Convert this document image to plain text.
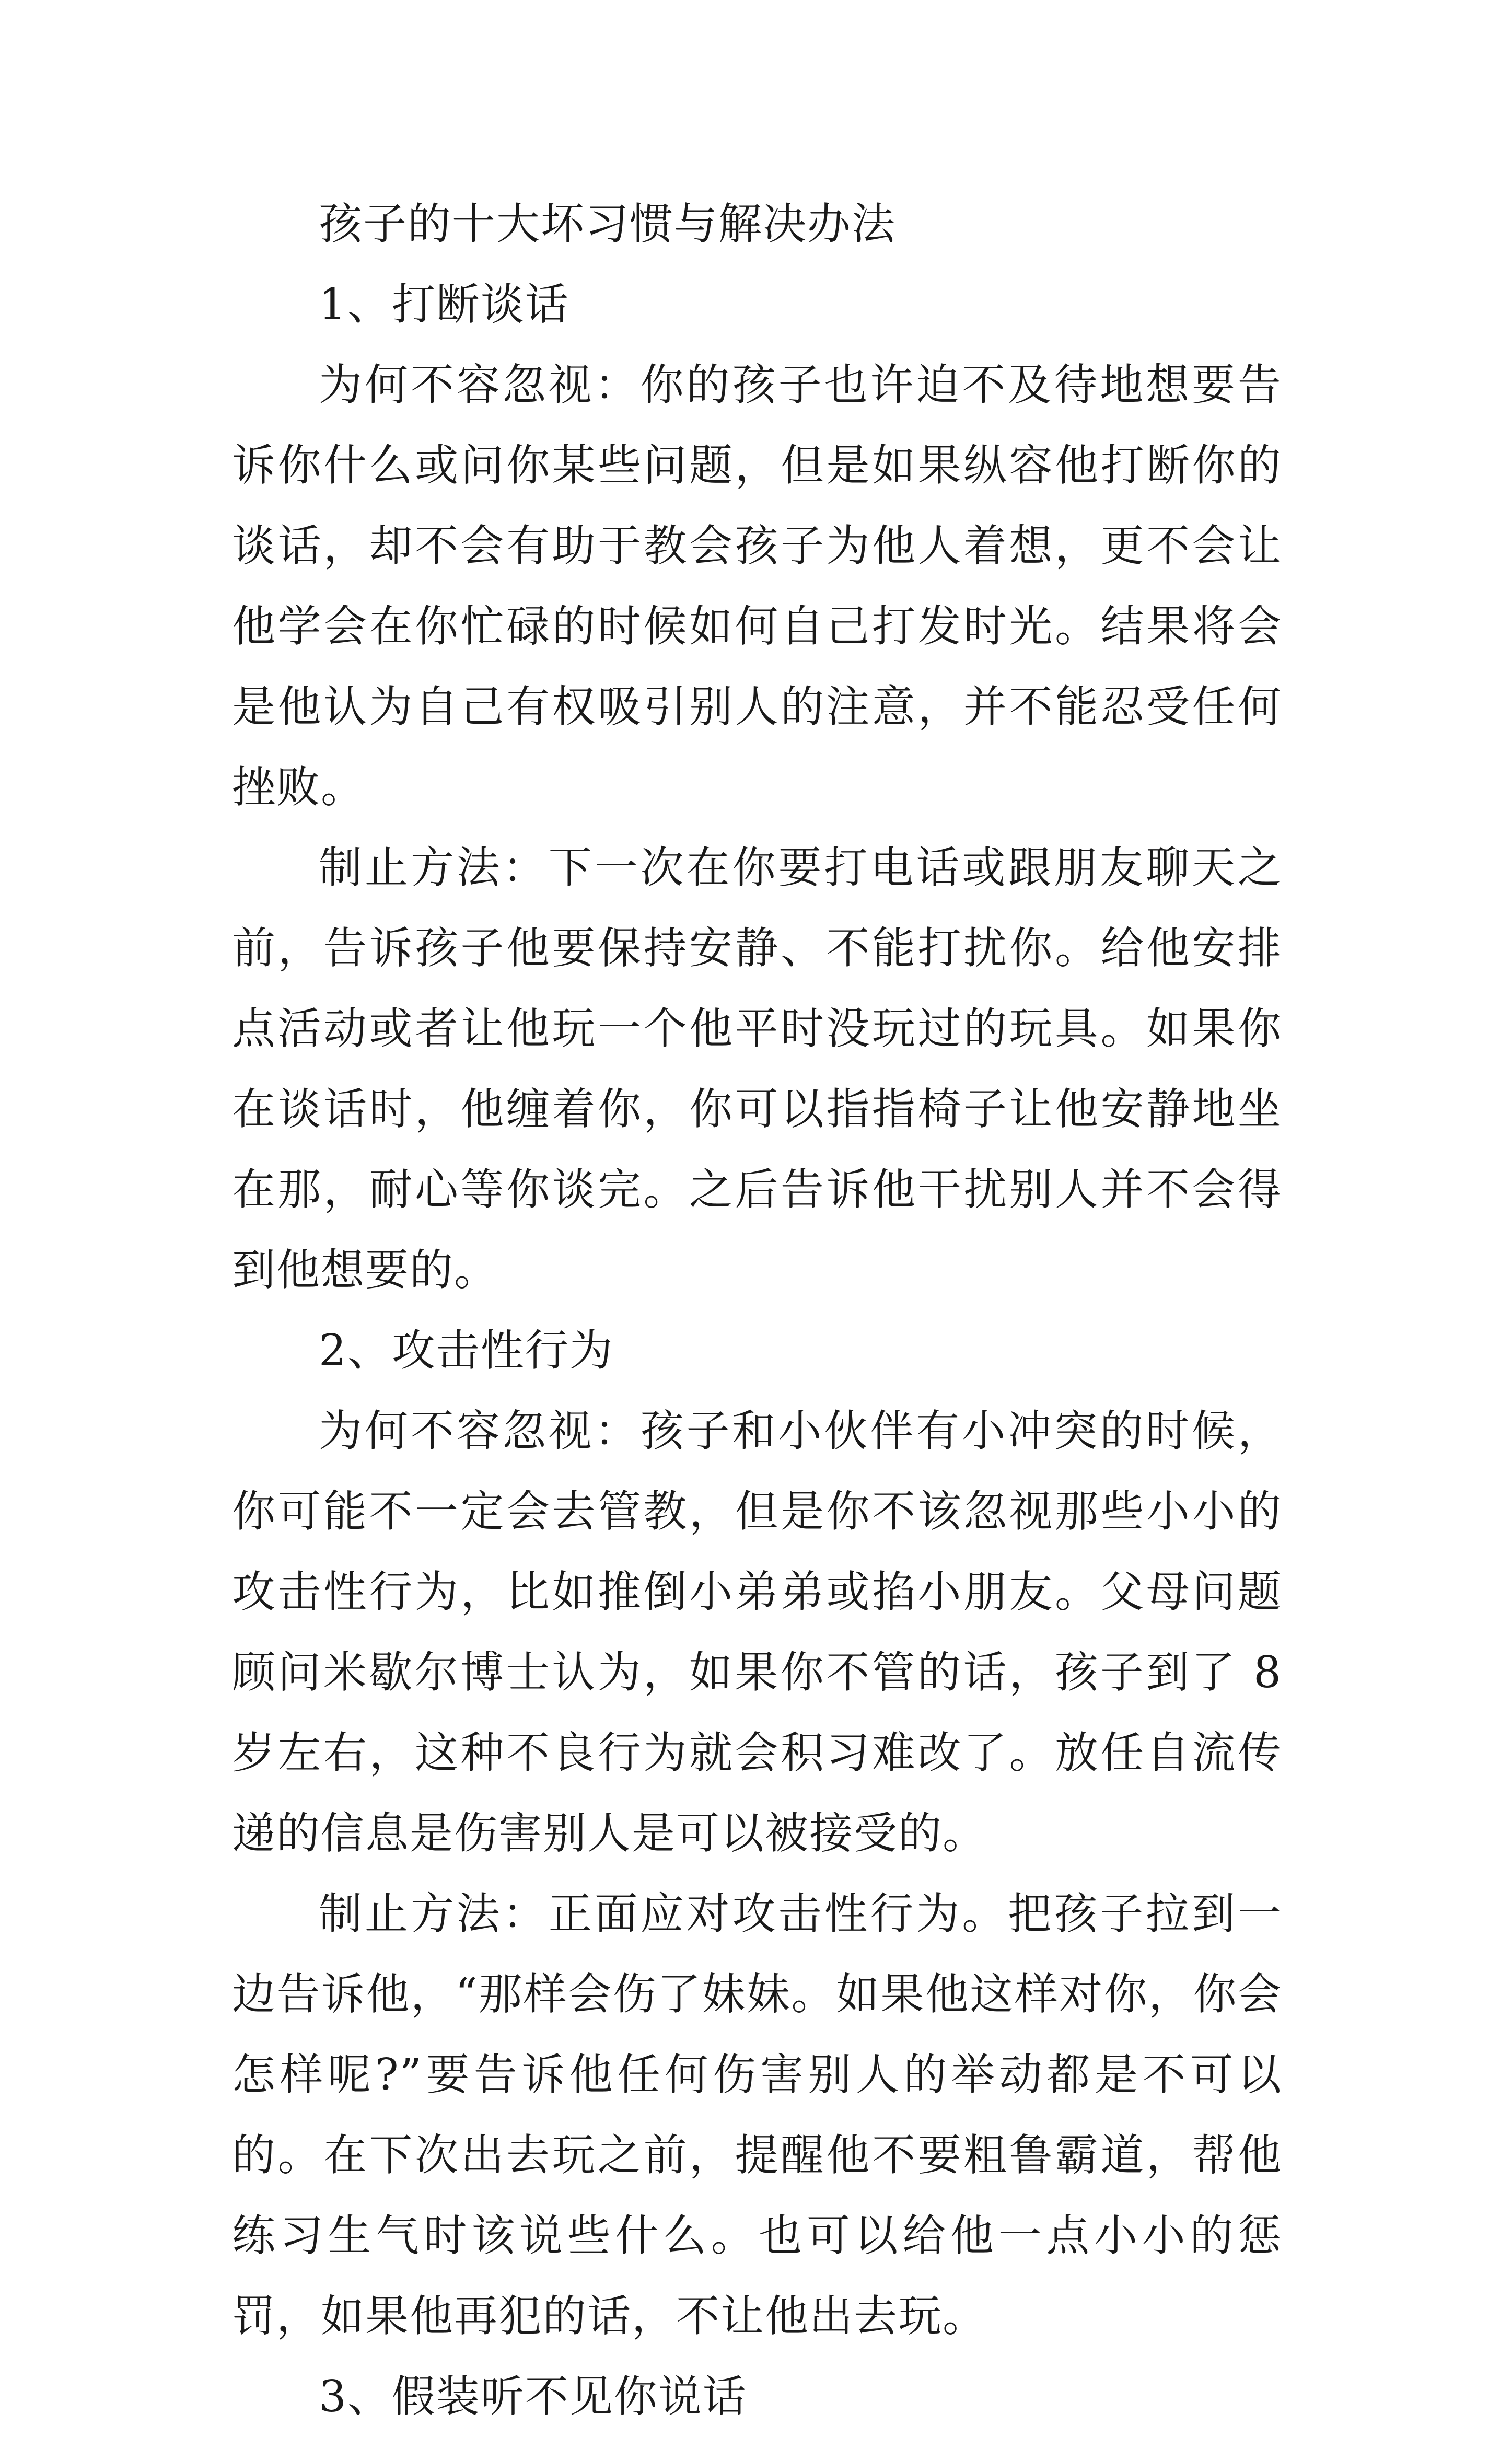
孩子的十大坏习惯与解决办法

1、打断谈话

为何不容忽视：你的孩子也许迫不及待地想要告诉你什么或问你某些问题，但是如果纵容他打断你的谈话，却不会有助于教会孩子为他人着想，更不会让他学会在你忙碌的时候如何自己打发时光。结果将会是他认为自己有权吸引别人的注意，并不能忍受任何挫败。

制止方法：下一次在你要打电话或跟朋友聊天之前，告诉孩子他要保持安静、不能打扰你。给他安排点活动或者让他玩一个他平时没玩过的玩具。如果你在谈话时，他缠着你，你可以指指椅子让他安静地坐在那，耐心等你谈完。之后告诉他干扰别人并不会得到他想要的。

2、攻击性行为

为何不容忽视：孩子和小伙伴有小冲突的时候，你可能不一定会去管教，但是你不该忽视那些小小的攻击性行为，比如推倒小弟弟或掐小朋友。父母问题顾问米歇尔博士认为，如果你不管的话，孩子到了 8 岁左右，这种不良行为就会积习难改了。放任自流传递的信息是伤害别人是可以被接受的。

制止方法：正面应对攻击性行为。把孩子拉到一边告诉他，“那样会伤了妹妹。如果他这样对你，你会怎样呢?”要告诉他任何伤害别人的举动都是不可以的。在下次出去玩之前，提醒他不要粗鲁霸道，帮他练习生气时该说些什么。也可以给他一点小小的惩罚，如果他再犯的话，不让他出去玩。

3、假装听不见你说话
